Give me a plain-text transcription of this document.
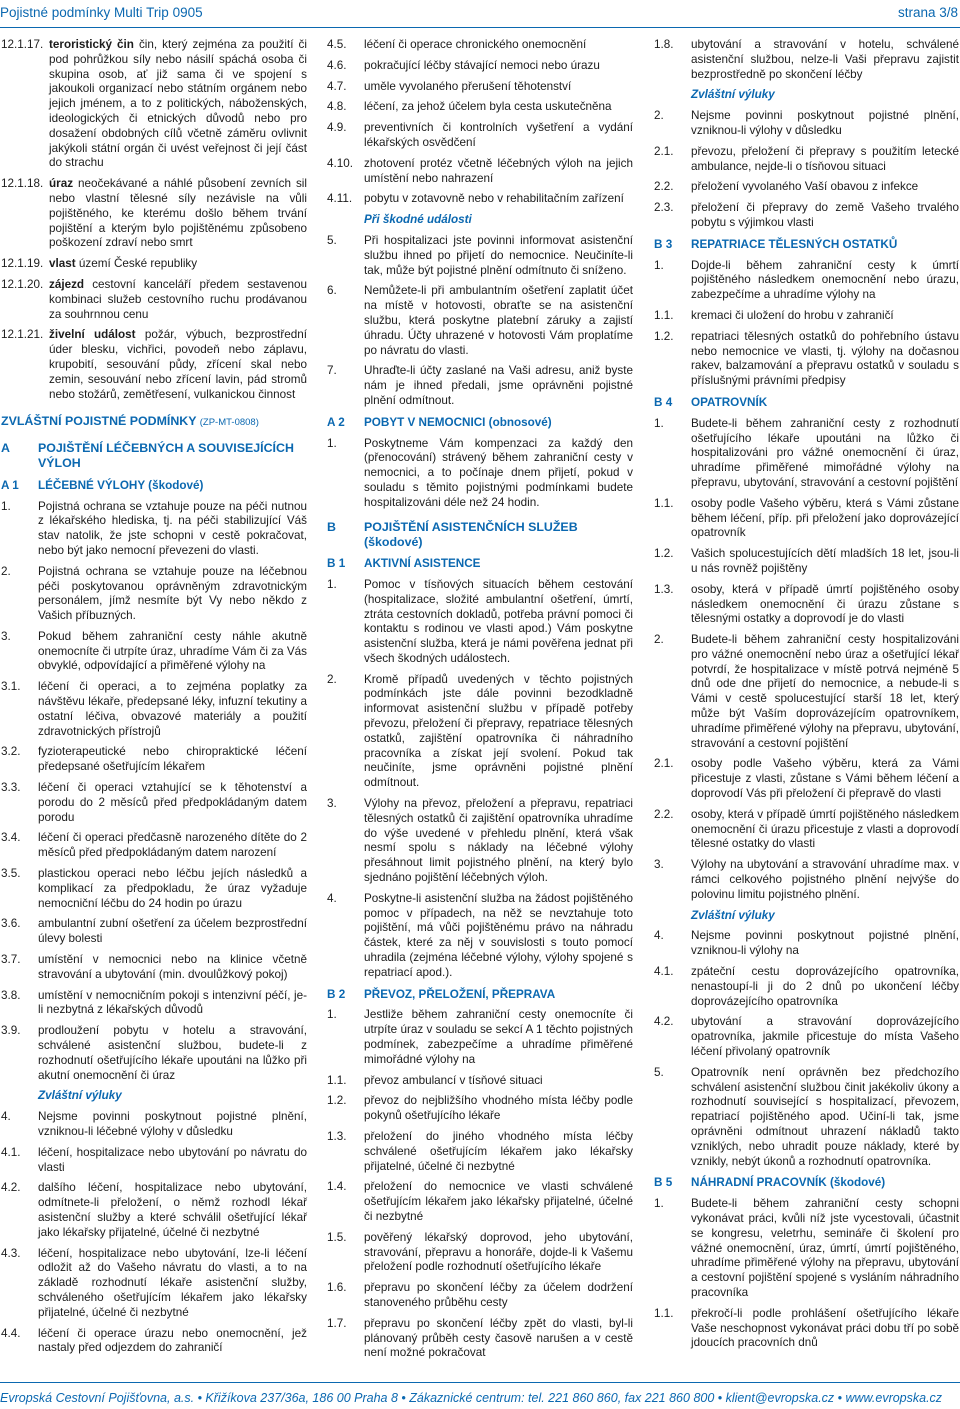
Pojistné podmínky Multi Trip 0905	strana 3/8
12.1.17. teroristický čin čin, který zejména za použití či pod pohrůžkou síly nebo násilí spáchá osoba či skupina osob, ať již sama či ve spojení s jakoukoli organizací nebo státním orgánem nebo jejich jménem, a to z politických, náboženských, ideologických či etnických důvodů nebo pro dosažení obdobných cílů včetně záměru ovlivnit jakýkoli státní orgán či uvést veřejnost či její část do strachu
12.1.18. úraz neočekávané a náhlé působení zevních sil nebo vlastní tělesné síly nezávisle na vůli pojištěného, ke kterému došlo během trvání pojištění a kterým bylo pojištěnému způsobeno poškození zdraví nebo smrt
12.1.19. vlast území České republiky
12.1.20. zájezd cestovní kanceláří předem sestavenou kombinaci služeb cestovního ruchu prodávanou za souhrnnou cenu
12.1.21. živelní událost požár, výbuch, bezprostřední úder blesku, vichřici, povodeň nebo záplavu, krupobití, sesouvání půdy, zřícení skal nebo zemin, sesouvání nebo zřícení lavin, pád stromů nebo stožárů, zemětřesení, vulkanickou činnost
ZVLÁŠTNÍ POJISTNÉ PODMÍNKY (ZP-MT-0808)
A	POJIŠTĚNÍ LÉČEBNÝCH A SOUVISEJÍCÍCH VÝLOH
A 1	LÉČEBNÉ VÝLOHY (škodové)
1.	Pojistná ochrana se vztahuje pouze na péči nutnou z lékařského hlediska, tj. na péči stabilizující Váš stav natolik, že jste schopni v cestě pokračovat, nebo být jako nemocní převezeni do vlasti.
2.	Pojistná ochrana se vztahuje pouze na léčebnou péči poskytovanou oprávněným zdravotnickým personálem, jímž nesmíte být Vy nebo někdo z Vašich příbuzných.
3.	Pokud během zahraniční cesty náhle akutně onemocníte či utrpíte úraz, uhradíme Vám či za Vás obvyklé, odpovídající a přiměřené výlohy na
3.1.	léčení či operaci, a to zejména poplatky za návštěvu lékaře, předepsané léky, infuzní tekutiny a ostatní léčiva, obvazové materiály a použití zdravotnických přístrojů
3.2.	fyzioterapeutické nebo chiropraktické léčení předepsané ošetřujícím lékařem
3.3.	léčení či operaci vztahující se k těhotenství a porodu do 2 měsíců před předpokládaným datem porodu
3.4.	léčení či operaci předčasně narozeného dítěte do 2 měsíců před předpokládaným datem narození
3.5.	plastickou operaci nebo léčbu jejích následků a komplikací za předpokladu, že úraz vyžaduje nemocniční léčbu do 24 hodin po úrazu
3.6.	ambulantní zubní ošetření za účelem bezprostřední úlevy bolesti
3.7.	umístění v nemocnici nebo na klinice včetně stravování a ubytování (min. dvoulůžkový pokoj)
3.8.	umístění v nemocničním pokoji s intenzivní péčí, je-li nezbytná z lékařských důvodů
3.9.	prodloužení pobytu v hotelu a stravování, schválené asistenční službou, budete-li z rozhodnutí ošetřujícího lékaře upoutáni na lůžko při akutní onemocnění či úraz
Zvláštní výluky
4.	Nejsme povinni poskytnout pojistné plnění, vzniknou-li léčebné výlohy v důsledku
4.1.	léčení, hospitalizace nebo ubytování po návratu do vlasti
4.2.	dalšího léčení, hospitalizace nebo ubytování, odmítnete-li přeložení, o němž rozhodl lékař asistenční služby a které schválil ošetřující lékař jako lékařsky přijatelné, účelné či nezbytné
4.3.	léčení, hospitalizace nebo ubytování, lze-li léčení odložit až do Vašeho návratu do vlasti, a to na základě rozhodnutí lékaře asistenční služby, schváleného ošetřujícím lékařem jako lékařsky přijatelné, účelné či nezbytné
4.4.	léčení či operace úrazu nebo onemocnění, jež nastaly před odjezdem do zahraničí
4.5.	léčení či operace chronického onemocnění
4.6.	pokračující léčby stávající nemoci nebo úrazu
4.7.	uměle vyvolaného přerušení těhotenství
4.8.	léčení, za jehož účelem byla cesta uskutečněna
4.9.	preventivních či kontrolních vyšetření a vydání lékařských osvědčení
4.10. zhotovení protéz včetně léčebných výloh na jejich umístění nebo nahrazení
4.11.	pobytu v zotavovně nebo v rehabilitačním zařízení
Při škodné události
5.	Při hospitalizaci jste povinni informovat asistenční službu ihned po přijetí do nemocnice. Neučiníte-li tak, může být pojistné plnění odmítnuto či sníženo.
6.	Nemůžete-li při ambulantním ošetření zaplatit účet na místě v hotovosti, obraťte se na asistenční službu, která poskytne platební záruky a zajistí úhradu. Účty uhrazené v hotovosti Vám proplatíme po návratu do vlasti.
7.	Uhraďte-li účty zaslané na Vaši adresu, aniž byste nám je ihned předali, jsme oprávněni pojistné plnění odmítnout.
A 2	POBYT V NEMOCNICI (obnosové)
1.	Poskytneme Vám kompenzaci za každý den (přenocování) strávený během zahraniční cesty v nemocnici, a to počínaje dnem přijetí, pokud v souladu s těmito pojistnými podmínkami budete hospitalizováni déle než 24 hodin.
B	POJIŠTĚNÍ ASISTENČNÍCH SLUŽEB (škodové)
B 1	AKTIVNÍ ASISTENCE
1.	Pomoc v tísňových situacích během cestování (hospitalizace, složité ambulantní ošetření, úmrtí, ztráta cestovních dokladů, potřeba právní pomoci či kontaktu s rodinou ve vlasti apod.) Vám poskytne asistenční služba, která je námi pověřena jednat při všech škodných událostech.
2.	Kromě případů uvedených v těchto pojistných podmínkách jste dále povinni bezodkladně informovat asistenční službu v případě potřeby převozu, přeložení či přepravy, repatriace tělesných ostatků, zajištění opatrovníka či náhradního pracovníka a získat její svolení. Pokud tak neučiníte, jsme oprávněni pojistné plnění odmítnout.
3.	Výlohy na převoz, přeložení a přepravu, repatriaci tělesných ostatků či zajištění opatrovníka uhradíme do výše uvedené v přehledu plnění, která však nesmí spolu s náklady na léčebné výlohy přesáhnout limit pojistného plnění, na který bylo sjednáno pojištění léčebných výloh.
4.	Poskytne-li asistenční služba na žádost pojištěného pomoc v případech, na něž se nevztahuje toto pojištění, má vůči pojištěnému právo na náhradu částek, které za něj v souvislosti s touto pomocí uhradila (zejména léčebné výlohy, výlohy spojené s repatriací apod.).
B 2	PŘEVOZ, PŘELOŽENÍ, PŘEPRAVA
1.	Jestliže během zahraniční cesty onemocníte či utrpíte úraz v souladu se sekcí A 1 těchto pojistných podmínek, zabezpečíme a uhradíme přiměřené mimořádné výlohy na
1.1.	převoz ambulancí v tísňové situaci
1.2.	převoz do nejbližšího vhodného místa léčby podle pokynů ošetřujícího lékaře
1.3.	přeložení do jiného vhodného místa léčby schválené ošetřujícím lékařem jako lékařsky přijatelné, účelné či nezbytné
1.4.	přeložení do nemocnice ve vlasti schválené ošetřujícím lékařem jako lékařsky přijatelné, účelné či nezbytné
1.5.	pověřený lékařský doprovod, jeho ubytování, stravování, přepravu a honoráře, dojde-li k Vašemu přeložení podle rozhodnutí ošetřujícího lékaře
1.6.	přepravu po skončení léčby za účelem dodržení stanoveného průběhu cesty
1.7.	přepravu po skončení léčby zpět do vlasti, byl-li plánovaný průběh cesty časově narušen a v cestě není možné pokračovat
1.8.	ubytování a stravování v hotelu, schválené asistenční službou, nelze-li Vaši přepravu zajistit bezprostředně po skončení léčby
Zvláštní výluky
2.	Nejsme povinni poskytnout pojistné plnění, vzniknou-li výlohy v důsledku
2.1.	převozu, přeložení či přepravy s použitím letecké ambulance, nejde-li o tísňovou situaci
2.2.	přeložení vyvolaného Vaší obavou z infekce
2.3.	přeložení či přepravy do země Vašeho trvalého pobytu s výjimkou vlasti
B 3	REPATRIACE TĚLESNÝCH OSTATKŮ
1.	Dojde-li během zahraniční cesty k úmrtí pojištěného následkem onemocnění nebo úrazu, zabezpečíme a uhradíme výlohy na
1.1.	kremaci či uložení do hrobu v zahraničí
1.2.	repatriaci tělesných ostatků do pohřebního ústavu nebo nemocnice ve vlasti, tj. výlohy na dočasnou rakev, balzamování a přepravu ostatků v souladu s příslušnými právními předpisy
B 4	OPATROVNÍK
1.	Budete-li během zahraniční cesty z rozhodnutí ošetřujícího lékaře upoutáni na lůžko či hospitalizováni pro vážné onemocnění či úraz, uhradíme přiměřené mimořádné výlohy na přepravu, ubytování, stravování a cestovní pojištění
1.1.	osoby podle Vašeho výběru, která s Vámi zůstane během léčení, příp. při přeložení jako doprovázející opatrovník
1.2.	Vašich spolucestujících dětí mladších 18 let, jsou-li u nás rovněž pojištěny
1.3.	osoby, která v případě úmrtí pojištěného osoby následkem onemocnění či úrazu zůstane s tělesnými ostatky a doprovodí je do vlasti
2.	Budete-li během zahraniční cesty hospitalizováni pro vážné onemocnění nebo úraz a ošetřující lékař potvrdí, že hospitalizace v místě potrvá nejméně 5 dnů ode dne přijetí do nemocnice, a nebude-li s Vámi v cestě spolucestující starší 18 let, který může být Vaším doprovázejícím opatrovníkem, uhradíme přiměřené výlohy na přepravu, ubytování, stravování a cestovní pojištění
2.1.	osoby podle Vašeho výběru, která za Vámi přicestuje z vlasti, zůstane s Vámi během léčení a doprovodí Vás při přeložení či přepravě do vlasti
2.2.	osoby, která v případě úmrtí pojištěného následkem onemocnění či úrazu přicestuje z vlasti a doprovodí tělesné ostatky do vlasti
3.	Výlohy na ubytování a stravování uhradíme max. v rámci celkového pojistného plnění nejvýše do polovinu limitu pojistného plnění.
Zvláštní výluky
4.	Nejsme povinni poskytnout pojistné plnění, vzniknou-li výlohy na
4.1.	zpáteční cestu doprovázejícího opatrovníka, nenastoupí-li ji do 2 dnů po ukončení léčby doprovázejícího opatrovníka
4.2.	ubytování a stravování doprovázejícího opatrovníka, jakmile přicestuje do místa Vašeho léčení přivolaný opatrovník
5.	Opatrovník není oprávněn bez předchozího schválení asistenční službou činit jakékoliv úkony a rozhodnutí související s hospitalizací, převozem, repatriací pojištěného apod. Učiní-li tak, jsme oprávněni odmítnout uhrazení nákladů takto vzniklých, nebo uhradit pouze náklady, které by vznikly, nebýt úkonů a rozhodnutí opatrovníka.
B 5	NÁHRADNÍ PRACOVNÍK (škodové)
1.	Budete-li během zahraniční cesty schopni vykonávat práci, kvůli níž jste vycestovali, účastnit se kongresu, veletrhu, semináře či školení pro vážné onemocnění, úraz, úmrtí, úmrtí pojištěného, uhradíme přiměřené výlohy na přepravu, ubytování a cestovní pojištění spojené s vysláním náhradního pracovníka
1.1.	překročí-li podle prohlášení ošetřujícího lékaře Vaše neschopnost vykonávat práci dobu tří po sobě jdoucích pracovních dnů
Evropská Cestovní Pojišťovna, a.s. • Křižíkova 237/36a, 186 00 Praha 8 • Zákaznické centrum: tel. 221 860 860, fax 221 860 800 • klient@evropska.cz • www.evropska.cz
